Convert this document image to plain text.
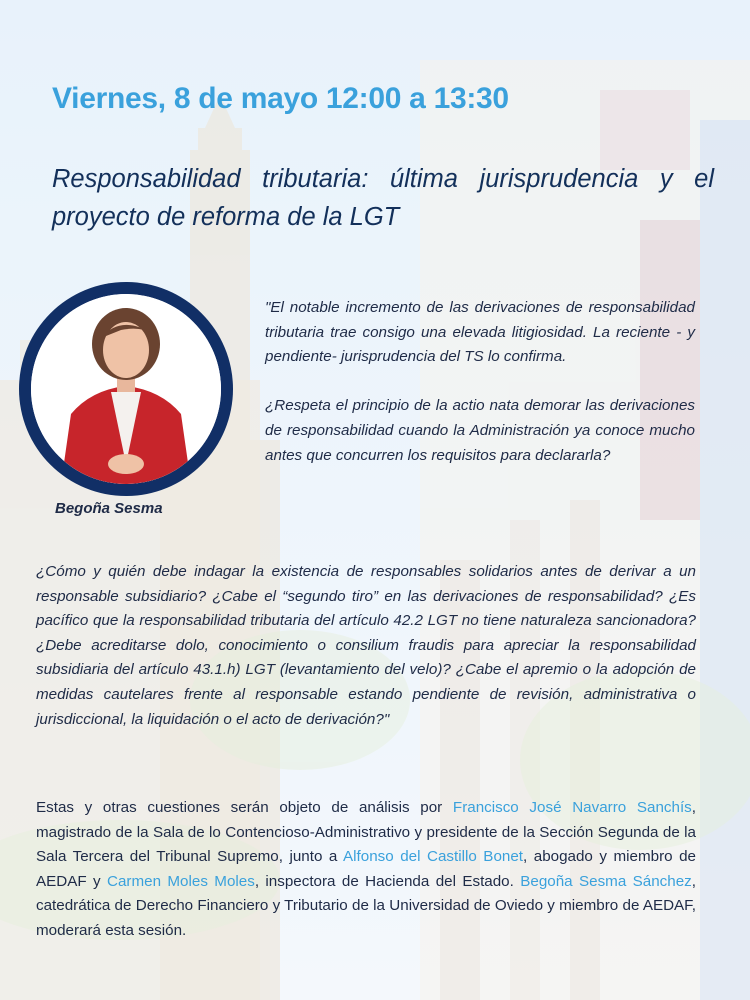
Viernes, 8 de mayo 12:00 a 13:30
Responsabilidad tributaria: última jurisprudencia y el proyecto de reforma de la LGT

Begoña Sesma

"El notable incremento de las derivaciones de responsabilidad tributaria trae consigo una elevada litigiosidad. La reciente - y pendiente- jurisprudencia del TS lo confirma.

¿Respeta el principio de la actio nata demorar las derivaciones de responsabilidad cuando la Administración ya conoce mucho antes que concurren los requisitos para declararla?

¿Cómo y quién debe indagar la existencia de responsables solidarios antes de derivar a un responsable subsidiario? ¿Cabe el “segundo tiro” en las derivaciones de responsabilidad? ¿Es pacífico que la responsabilidad tributaria del artículo 42.2 LGT no tiene naturaleza sancionadora? ¿Debe acreditarse dolo, conocimiento o consilium fraudis para apreciar la responsabilidad subsidiaria del artículo 43.1.h) LGT (levantamiento del velo)? ¿Cabe el apremio o la adopción de medidas cautelares frente al responsable estando pendiente de revisión, administrativa o jurisdiccional, la liquidación o el acto de derivación?"

Estas y otras cuestiones serán objeto de análisis por Francisco José Navarro Sanchís, magistrado de la Sala de lo Contencioso-Administrativo y presidente de la Sección Segunda de la Sala Tercera del Tribunal Supremo, junto a Alfonso del Castillo Bonet, abogado y miembro de AEDAF y Carmen Moles Moles, inspectora de Hacienda del Estado. Begoña Sesma Sánchez, catedrática de Derecho Financiero y Tributario de la Universidad de Oviedo y miembro de AEDAF, moderará esta sesión.
